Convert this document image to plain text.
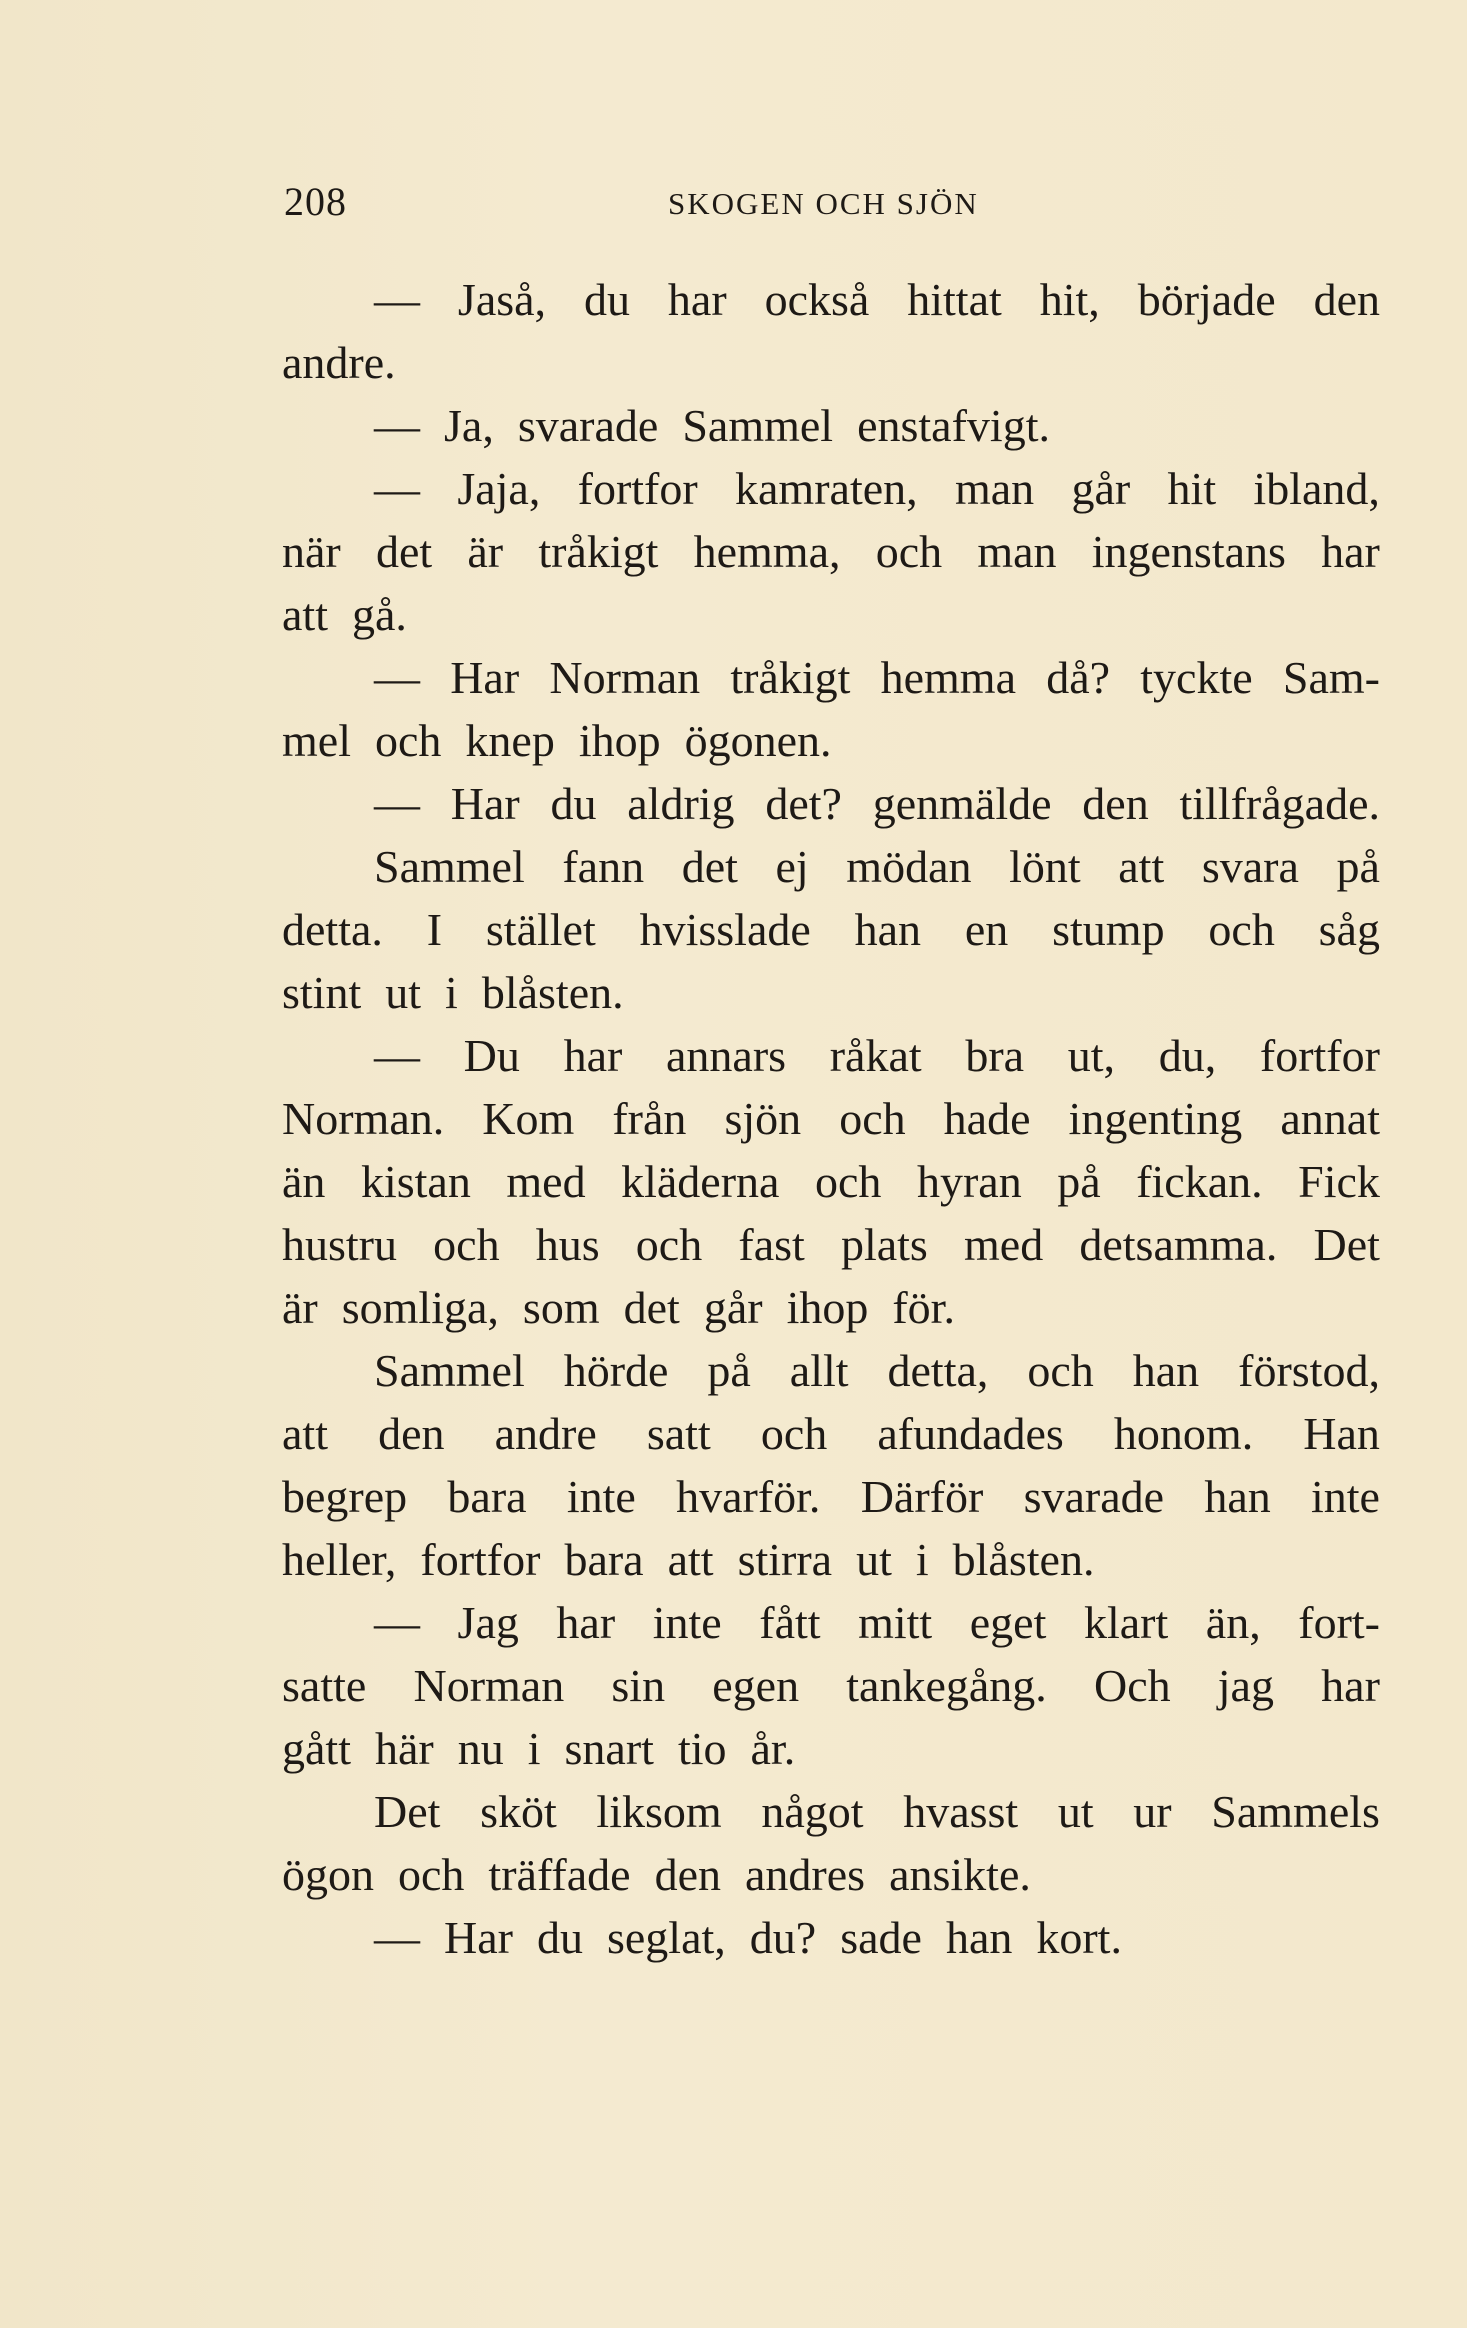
208	SKOGEN OCH SJÖN
— Jaså, du har också hittat hit, började den
andre.
— Ja, svarade Sammel enstafvigt.
— Jaja, fortfor kamraten, man går hit ibland,
när det är tråkigt hemma, och man ingenstans har
att gå.
— Har Norman tråkigt hemma då? tyckte Sam-
mel och knep ihop ögonen.
— Har du aldrig det? genmälde den tillfrågade.
Sammel fann det ej mödan lönt att svara på
detta. I stället hvisslade han en stump och såg
stint ut i blåsten.
— Du har annars råkat bra ut, du, fortfor
Norman. Kom från sjön och hade ingenting annat
än kistan med kläderna och hyran på fickan. Fick
hustru och hus och fast plats med detsamma. Det
är somliga, som det går ihop för.
Sammel hörde på allt detta, och han förstod,
att den andre satt och afundades honom. Han
begrep bara inte hvarför. Därför svarade han inte
heller, fortfor bara att stirra ut i blåsten.
— Jag har inte fått mitt eget klart än, fort-
satte Norman sin egen tankegång. Och jag har
gått här nu i snart tio år.
Det sköt liksom något hvasst ut ur Sammels
ögon och träffade den andres ansikte.
— Har du seglat, du? sade han kort.
